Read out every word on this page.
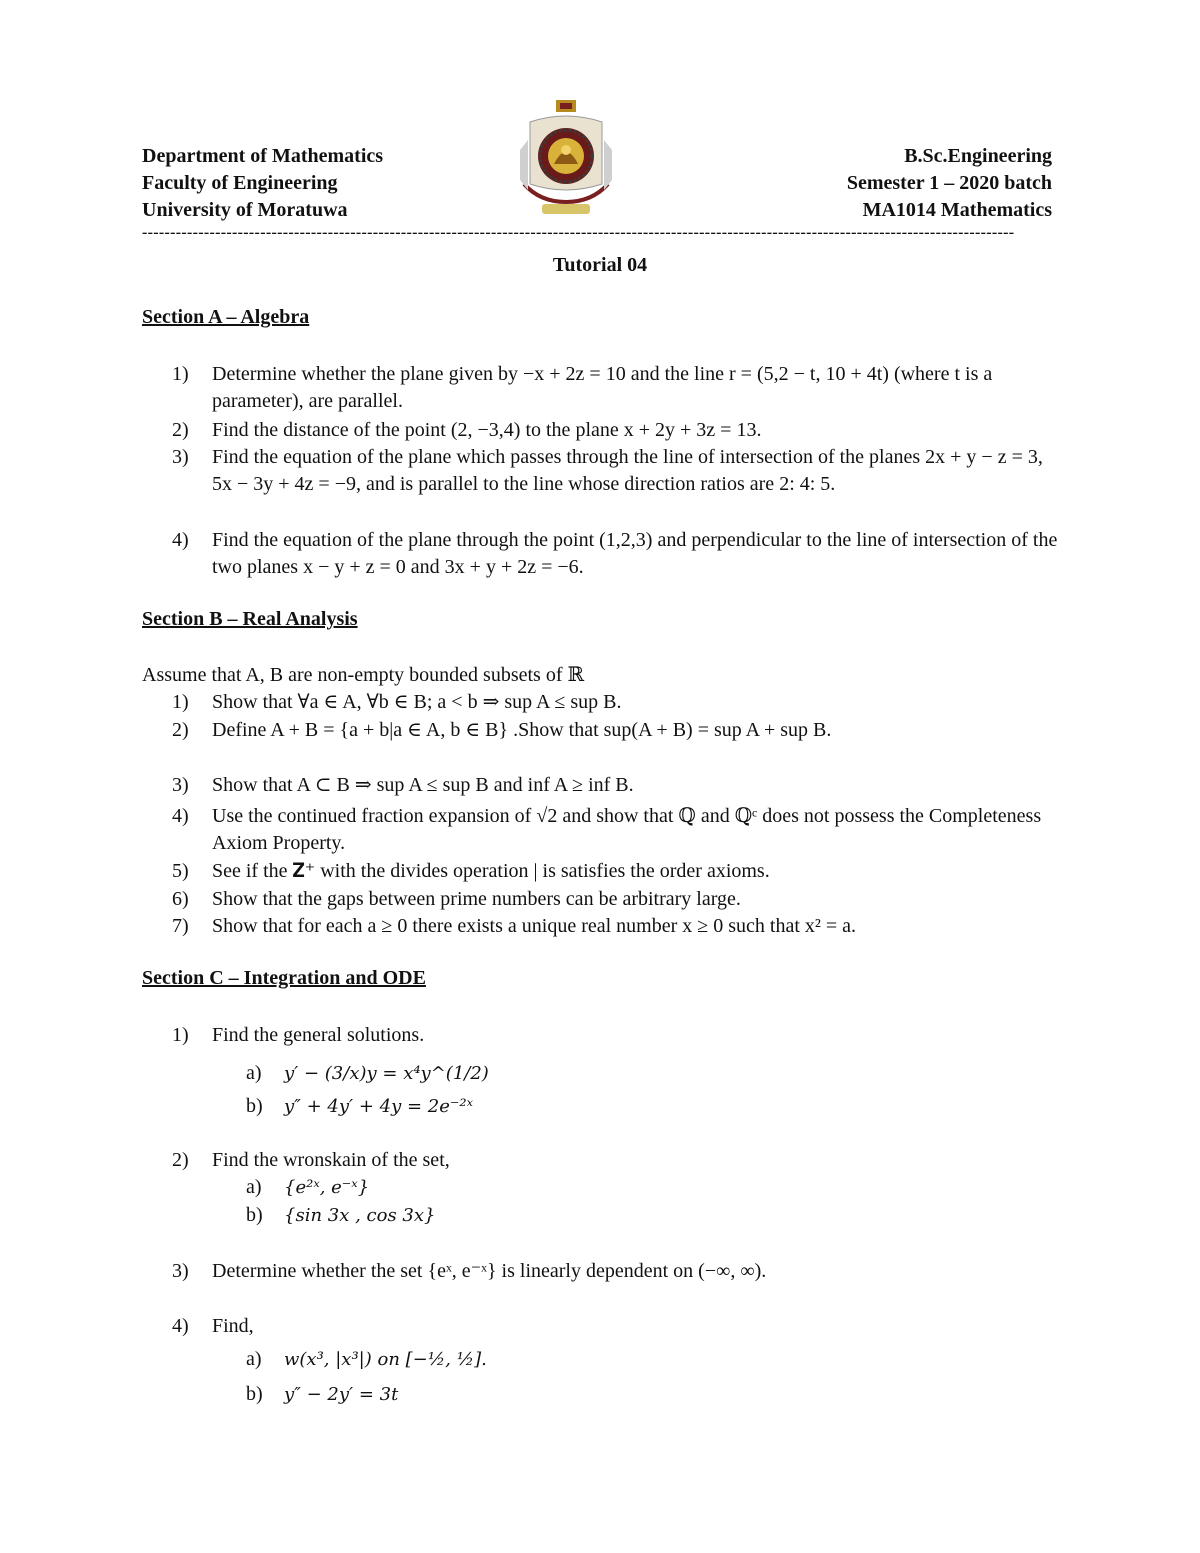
Department of Mathematics
Faculty of Engineering
University of Moratuwa
B.Sc.Engineering
Semester 1 – 2020 batch
MA1014 Mathematics
-----------------------------------------------------------------------------------------------------------------------------------------------------------
Tutorial 04
Section A – Algebra
1) Determine whether the plane given by −x + 2z = 10 and the line r = (5,2 − t, 10 + 4t) (where t is a parameter), are parallel.
2) Find the distance of the point (2, −3,4) to the plane x + 2y + 3z = 13.
3) Find the equation of the plane which passes through the line of intersection of the planes 2x + y − z = 3, 5x − 3y + 4z = −9, and is parallel to the line whose direction ratios are 2: 4: 5.
4) Find the equation of the plane through the point (1,2,3) and perpendicular to the line of intersection of the two planes x − y + z = 0 and 3x + y + 2z = −6.
Section B – Real Analysis
Assume that A, B are non-empty bounded subsets of ℝ
1) Show that ∀a ∈ A, ∀b ∈ B; a < b ⇒ sup A ≤ sup B.
2) Define A + B = {a + b|a ∈ A, b ∈ B} .Show that sup(A + B) = sup A + sup B.
3) Show that A ⊂ B ⇒ sup A ≤ sup B and inf A ≥ inf B.
4) Use the continued fraction expansion of √2 and show that ℚ and ℚᶜ does not possess the Completeness Axiom Property.
5) See if the 𝐙⁺ with the divides operation | is satisfies the order axioms.
6) Show that the gaps between prime numbers can be arbitrary large.
7) Show that for each a ≥ 0 there exists a unique real number x ≥ 0 such that x² = a.
Section C – Integration and ODE
1) Find the general solutions.
a) y′ − (3/x)y = x⁴y^(1/2)
b) y″ + 4y′ + 4y = 2e⁻²ˣ
2) Find the wronskain of the set,
a) {e²ˣ, e⁻ˣ}
b) {sin 3x , cos 3x}
3) Determine whether the set {eˣ, e⁻ˣ} is linearly dependent on (−∞, ∞).
4) Find,
a) w(x³, |x³|) on [−½, ½].
b) y″ − 2y′ = 3t
